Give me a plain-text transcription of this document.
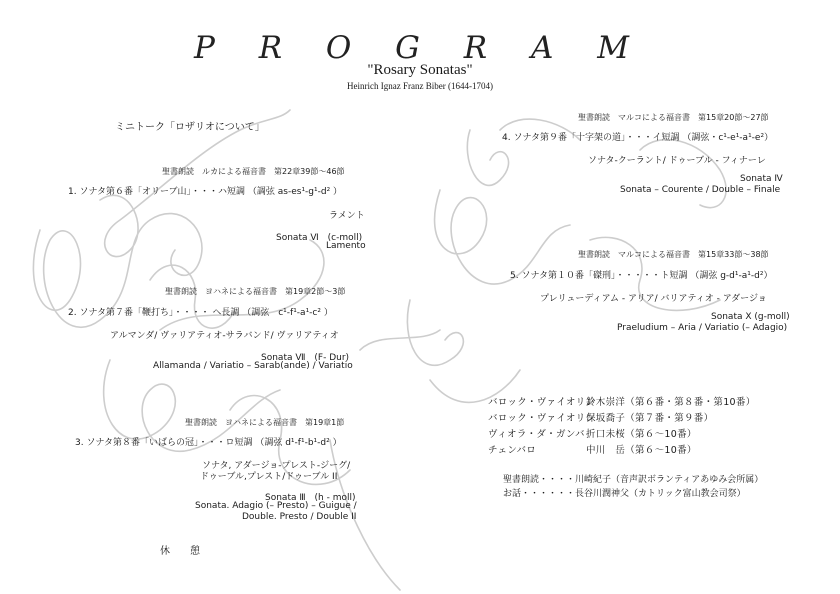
P R O G R A M
"Rosary Sonatas"
Heinrich Ignaz Franz Biber (1644-1704)
ミニトーク「ロザリオについて」
聖書朗読　ルカによる福音書　第22章39節～46節
1. ソナタ第６番「オリーブ山」・・・ハ短調 （調弦 as-es¹-g¹-d² ）
ラメント
Sonata Ⅵ　(c-moll)
Lamento
聖書朗読　ヨハネによる福音書　第19章2節～3節
2. ソナタ第７番「鞭打ち」・・・・ ヘ長調 （調弦　c¹-f¹-a¹-c² ）
アルマンダ/ ヴァリアティオ-サラバンド/ ヴァリアティオ
Sonata Ⅶ　(F- Dur)
Allamanda / Variatio – Sarab(ande) / Variatio
聖書朗読　ヨハネによる福音書　第19章1節
3. ソナタ第８番「いばらの冠」・・・ロ短調 （調弦 d¹-f¹-b¹-d² ）
ソナタ, アダージョ-プレスト-ジーグ/
ドゥーブル,プレスト/ドゥーブル II
Sonata Ⅲ　(h - moll)
Sonata. Adagio (– Presto) – Guigue /
Double. Presto / Double II
休　　憩
聖書朗読　マルコによる福音書　第15章20節～27節
4. ソナタ第９番「十字架の道」・・・イ短調 （調弦・c¹-e¹-a¹-e²）
ソナタ-クーラント/ ドゥーブル - フィナーレ
Sonata Ⅳ
Sonata – Courente / Double – Finale
聖書朗読　マルコによる福音書　第15章33節～38節
5. ソナタ第１０番「磔刑」・・・・・ト短調 （調弦 g-d¹-a¹-d²）
プレリューディアム - アリア/ バリアティオ - アダージョ
Sonata Ⅹ (g-moll)
Praeludium – Aria / Variatio (– Adagio)
バロック・ヴァイオリン
鈴木崇洋（第６番・第８番・第10番）
バロック・ヴァイオリン
保坂喬子（第７番・第９番）
ヴィオラ・ダ・ガンバ 折口未桜（第６～10番）
チェンバロ	中川　岳（第６～10番）
聖書朗読・・・・川崎紀子（音声訳ボランティアあゆみ会所属）
お話・・・・・・長谷川潤神父（カトリック富山教会司祭）
